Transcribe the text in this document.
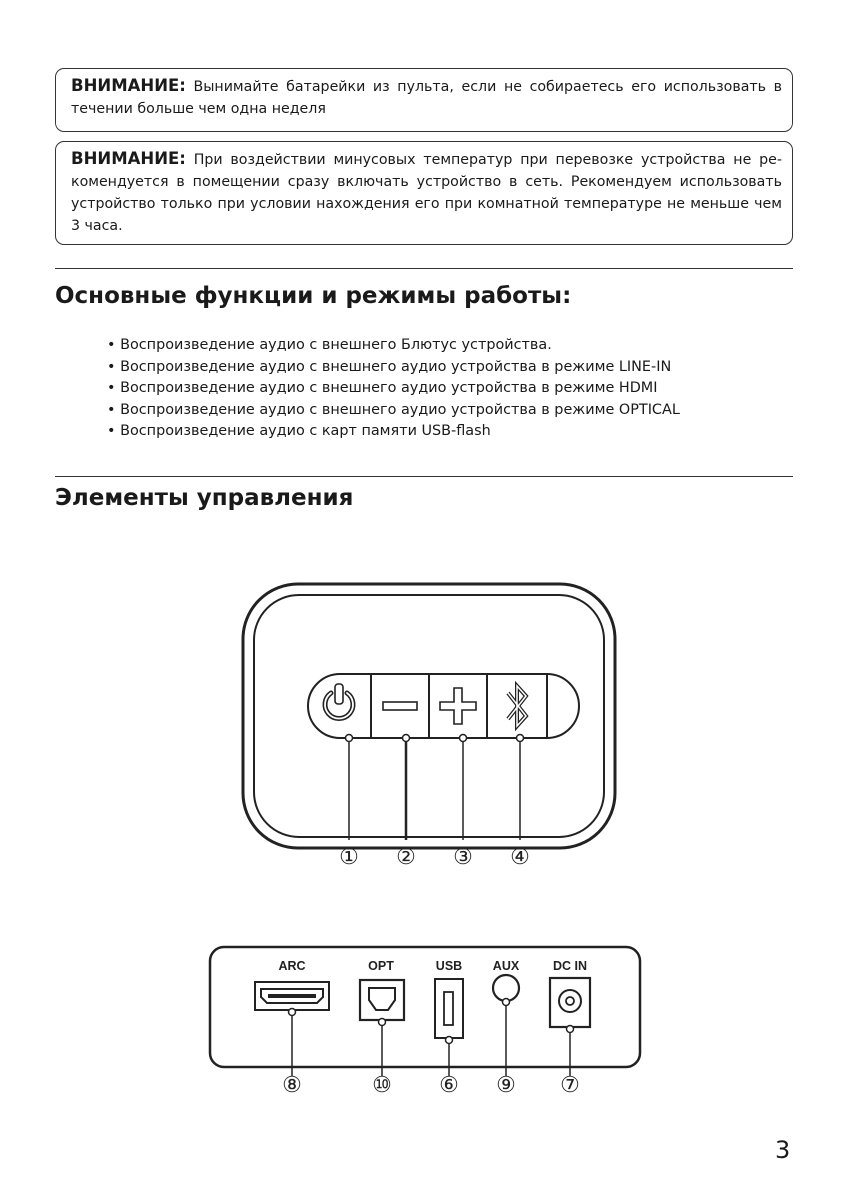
ВНИМАНИЕ: Вынимайте батарейки из пульта, если не собираетесь его использовать в течении больше чем одна неделя
ВНИМАНИЕ: При воздействии минусовых температур при перевозке устройства не ре-комендуется в помещении сразу включать устройство в сеть. Рекомендуем использовать устройство только при условии нахождения его при комнатной температуре не меньше чем 3 часа.
Основные функции и режимы работы:
• Воспроизведение аудио с внешнего Блютус устройства.
• Воспроизведение аудио с внешнего аудио устройства в режиме LINE-IN
• Воспроизведение аудио с внешнего аудио устройства в режиме HDMI
• Воспроизведение аудио с внешнего аудио устройства в режиме OPTICAL
• Воспроизведение аудио с карт памяти USB-flash
Элементы управления
① ② ③ ④
ARC	OPT	USB AUX	DC IN
⑧	⑩ ⑥ ⑨ ⑦
3
